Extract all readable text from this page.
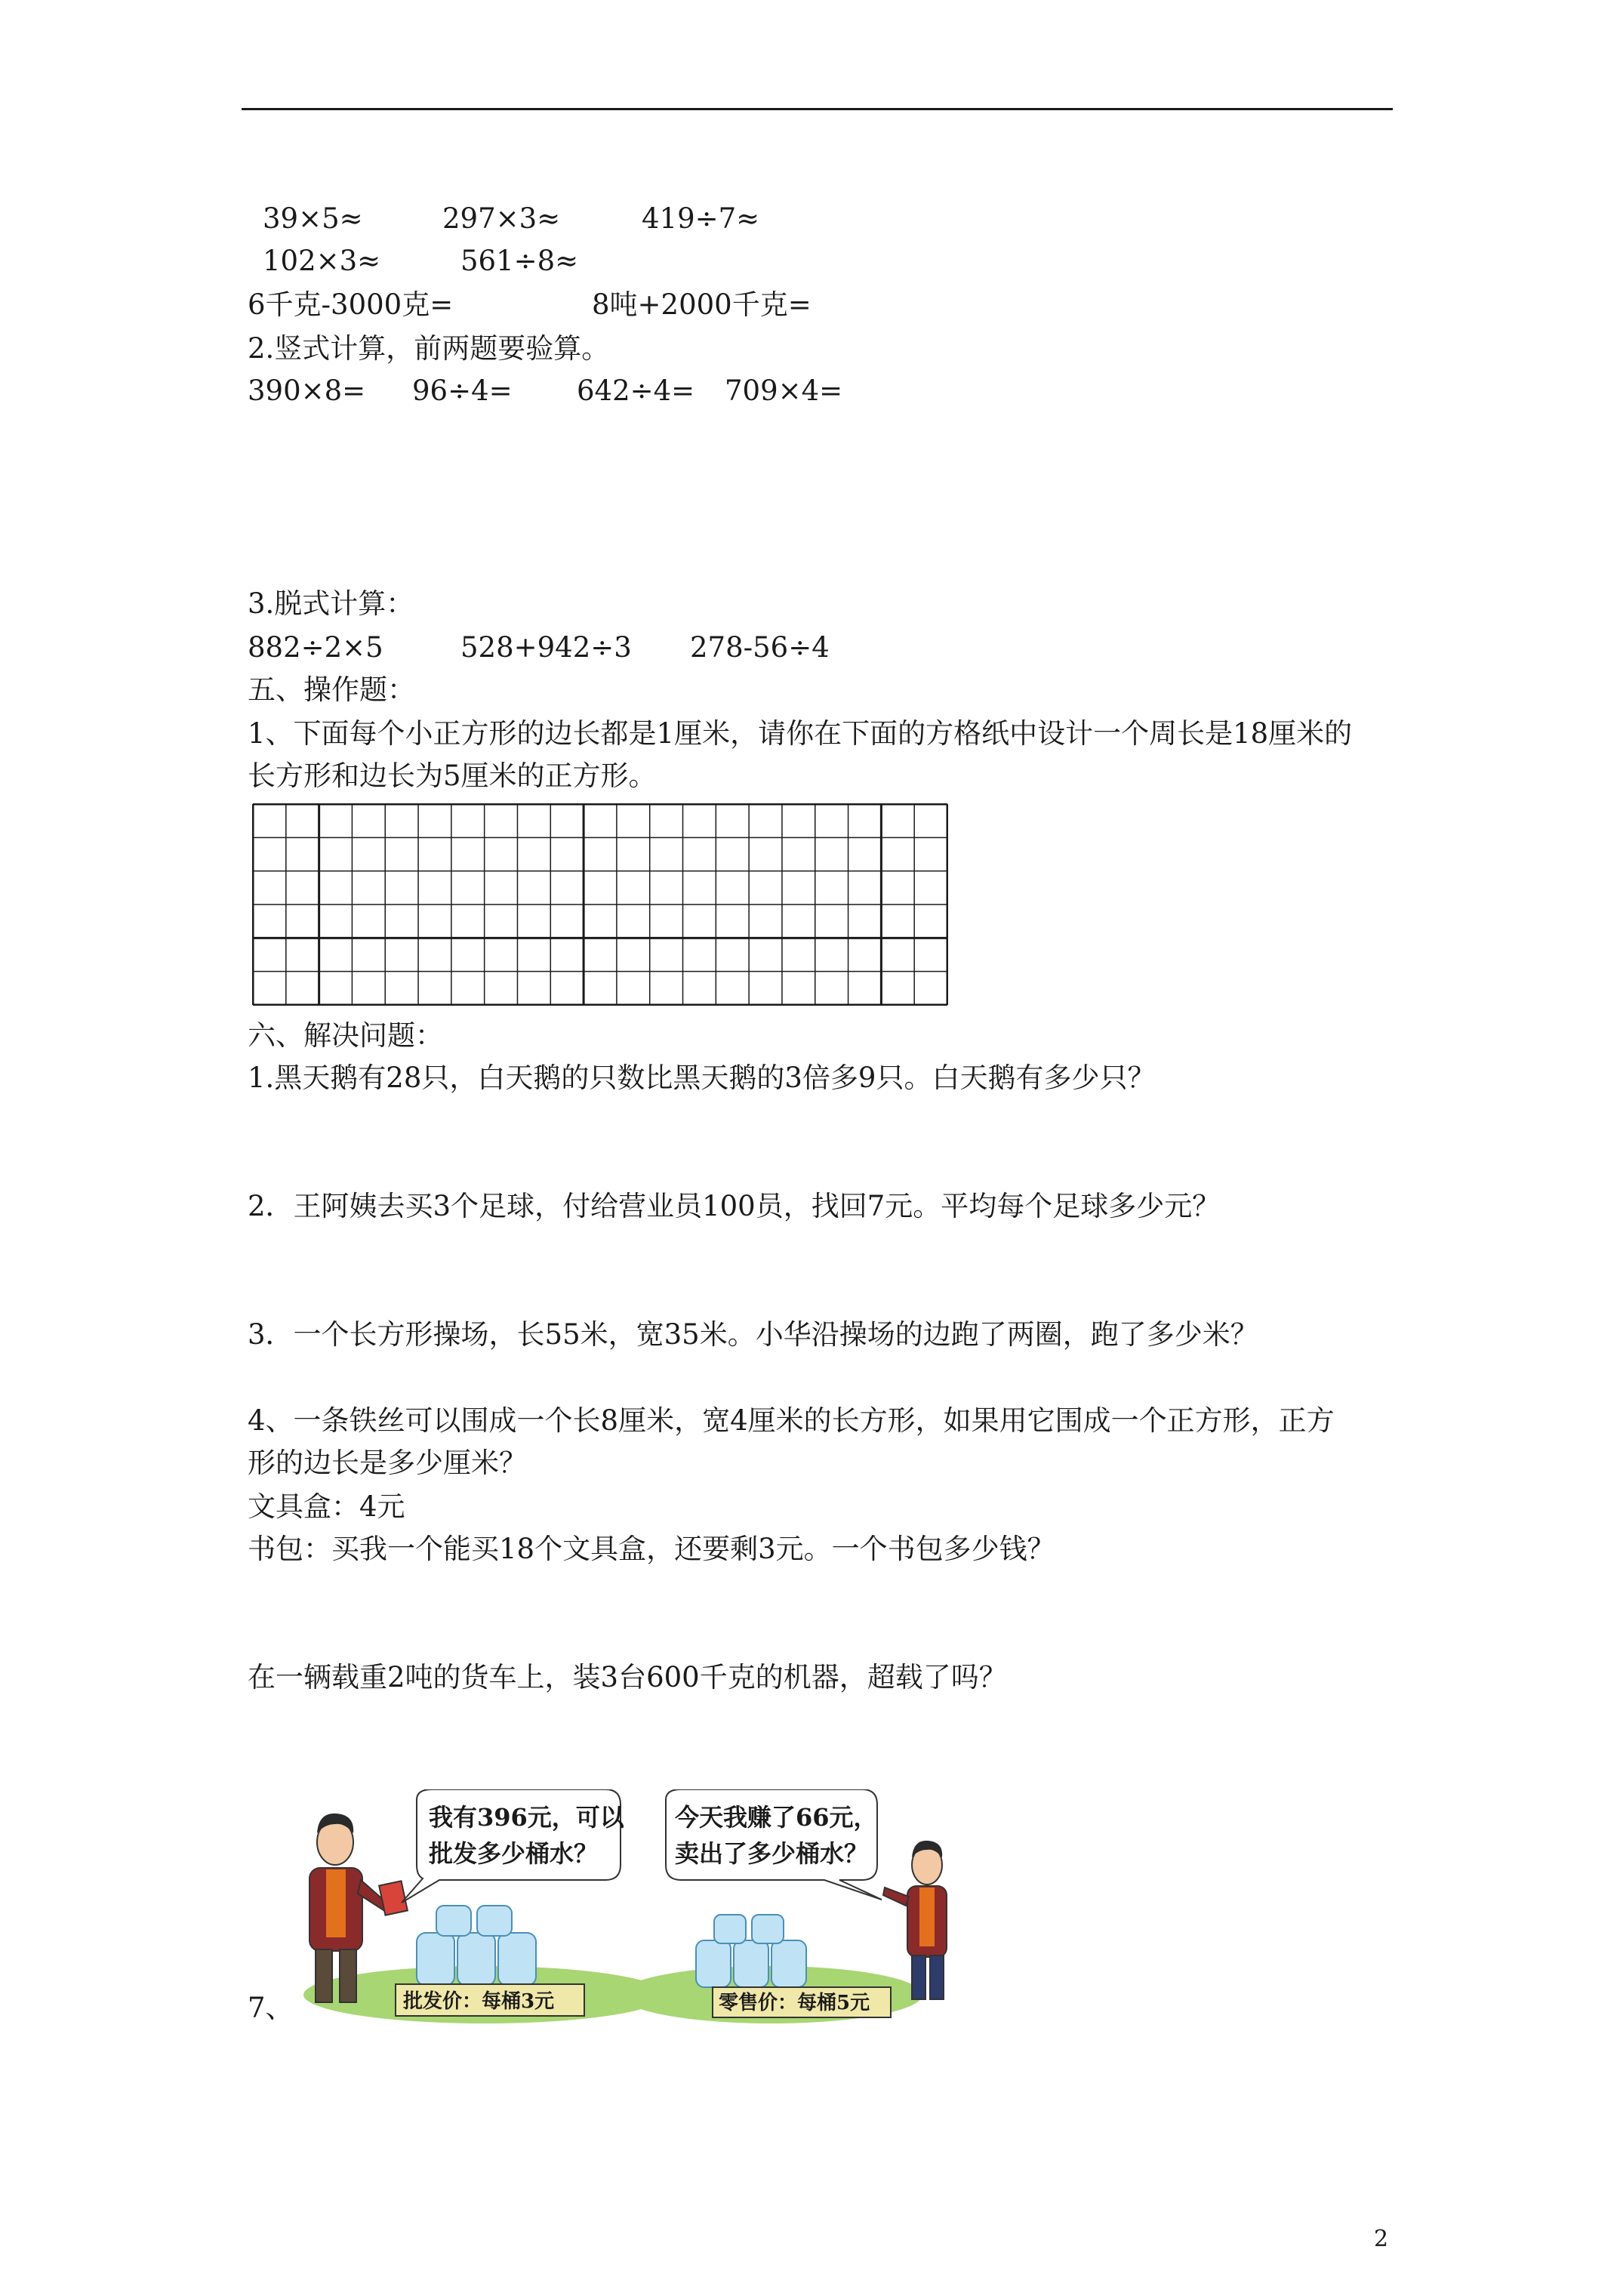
39×5≈	297×3≈	419÷7≈
102×3≈	561÷8≈
6千克-3000克=	8吨+2000千克=
2.竖式计算，前两题要验算。
390×8= 96÷4= 642÷4= 709×4=
3.脱式计算：
882÷2×5	528+942÷3 278-56÷4
五、操作题：
1、下面每个小正方形的边长都是1厘米，请你在下面的方格纸中设计一个周长是18厘米的
长方形和边长为5厘米的正方形。
六、解决问题：
1.黑天鹅有28只，白天鹅的只数比黑天鹅的3倍多9只。白天鹅有多少只？
2．王阿姨去买3个足球，付给营业员100员，找回7元。平均每个足球多少元？
3．一个长方形操场，长55米，宽35米。小华沿操场的边跑了两圈，跑了多少米？
4、一条铁丝可以围成一个长8厘米，宽4厘米的长方形，如果用它围成一个正方形，正方
形的边长是多少厘米？
文具盒：4元
书包：买我一个能买18个文具盒，还要剩3元。一个书包多少钱？
在一辆载重2吨的货车上，装3台600千克的机器，超载了吗？
7、
我有396元，可以
批发多少桶水？
批发价：每桶3元
今天我赚了66元，
卖出了多少桶水？
零售价：每桶5元
2
